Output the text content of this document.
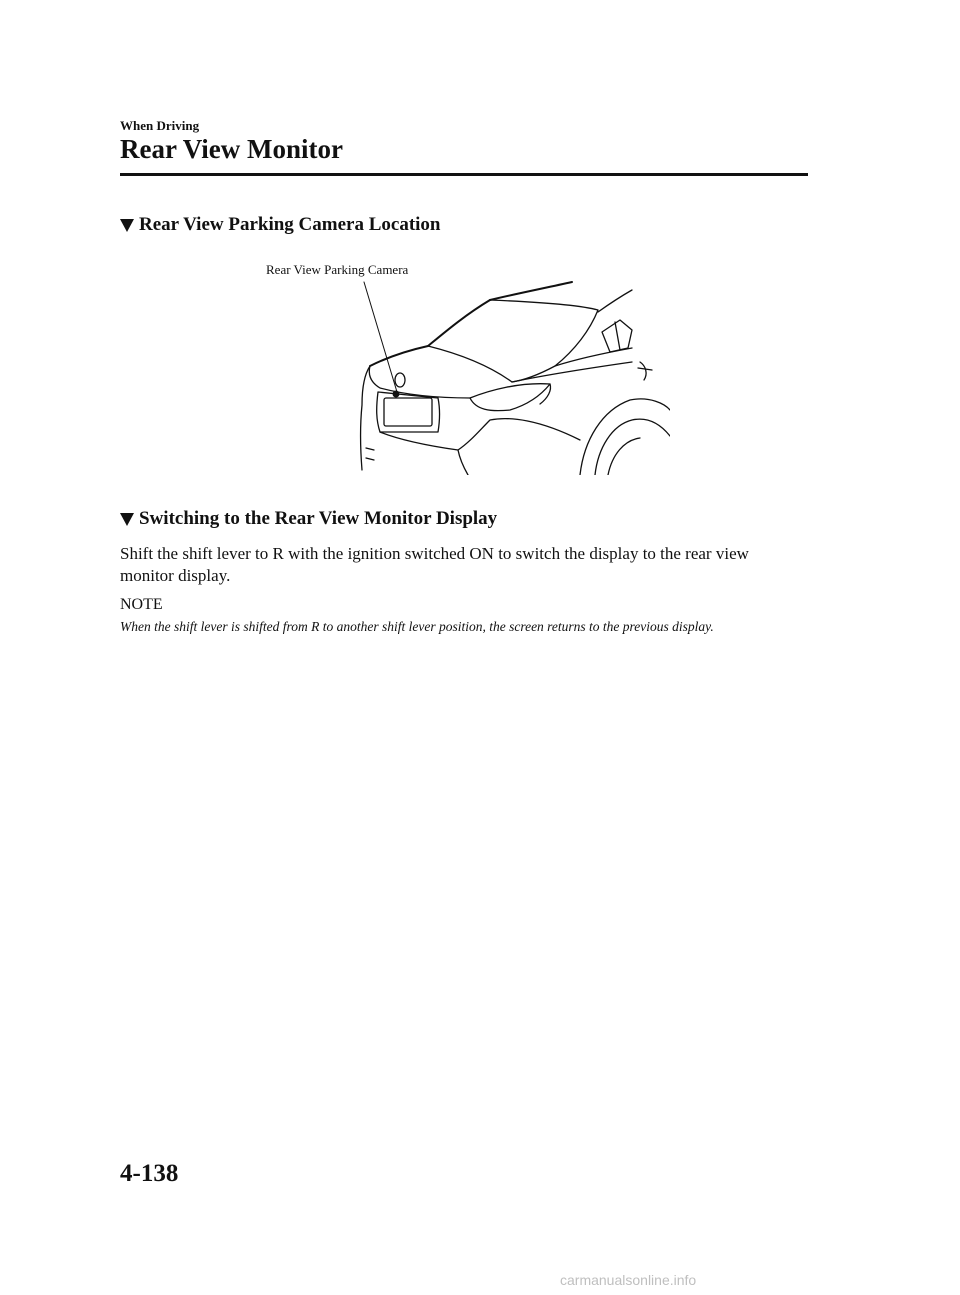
When Driving
Rear View Monitor
Rear View Parking Camera Location
Rear View Parking Camera
Switching to the Rear View Monitor Display
Shift the shift lever to R with the ignition switched ON to switch the display to the rear view monitor display.
NOTE
When the shift lever is shifted from R to another shift lever position, the screen returns to the previous display.
4-138
carmanualsonline.info
